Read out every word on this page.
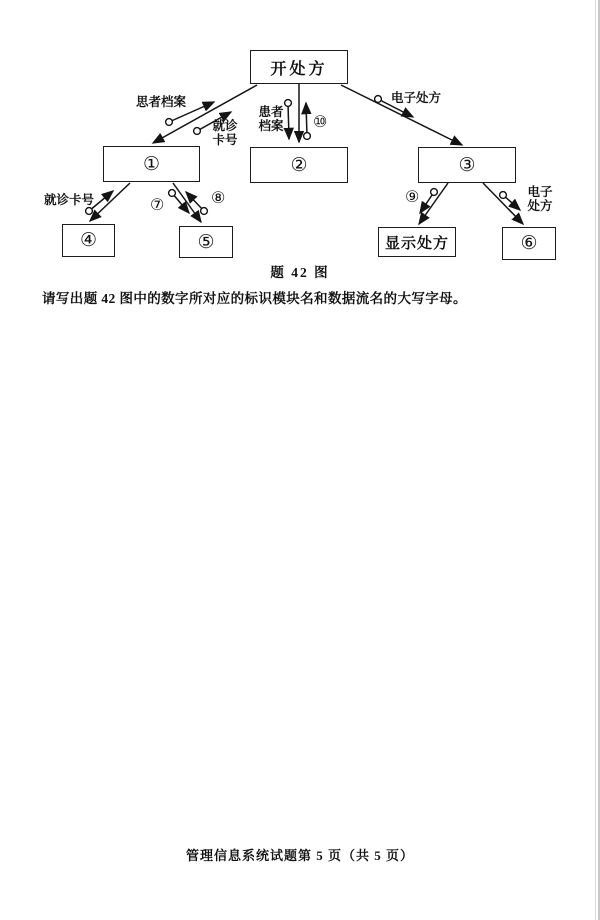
开处方
①	②	③
④	⑤	显示处方	⑥
思者档案
就诊
卡号
患者
档案 ⑩
电子处方
就诊卡号	⑦	⑧	⑨	电子
处方
题 42 图
请写出题 42 图中的数字所对应的标识模块名和数据流名的大写字母。
管理信息系统试题第 5 页（共 5 页）
